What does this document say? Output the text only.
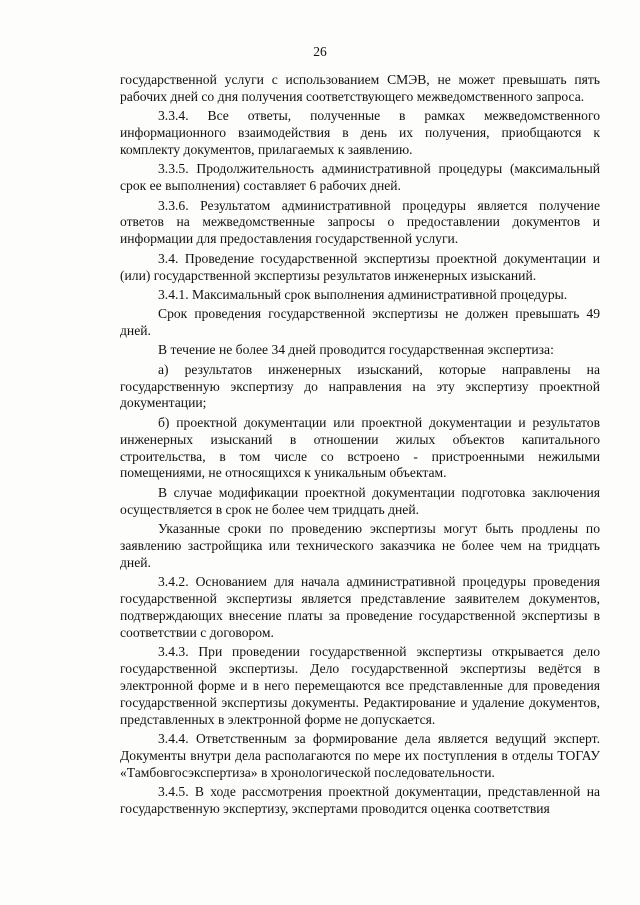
26

государственной услуги с использованием СМЭВ, не может превышать пять рабочих дней со дня получения соответствующего межведомственного запроса.

3.3.4. Все ответы, полученные в рамках межведомственного информационного взаимодействия в день их получения, приобщаются к комплекту документов, прилагаемых к заявлению.

3.3.5. Продолжительность административной процедуры (максимальный срок ее выполнения) составляет 6 рабочих дней.

3.3.6. Результатом административной процедуры является получение ответов на межведомственные запросы о предоставлении документов и информации для предоставления государственной услуги.

3.4. Проведение государственной экспертизы проектной документации и (или) государственной экспертизы результатов инженерных изысканий.

3.4.1. Максимальный срок выполнения административной процедуры.

Срок проведения государственной экспертизы не должен превышать 49 дней.

В течение не более 34 дней проводится государственная экспертиза:

а) результатов инженерных изысканий, которые направлены на государственную экспертизу до направления на эту экспертизу проектной документации;

б) проектной документации или проектной документации и результатов инженерных изысканий в отношении жилых объектов капитального строительства, в том числе со встроено - пристроенными нежилыми помещениями, не относящихся к уникальным объектам.

В случае модификации проектной документации подготовка заключения осуществляется в срок не более чем тридцать дней.

Указанные сроки по проведению экспертизы могут быть продлены по заявлению застройщика или технического заказчика не более чем на тридцать дней.

3.4.2. Основанием для начала административной процедуры проведения государственной экспертизы является представление заявителем документов, подтверждающих внесение платы за проведение государственной экспертизы в соответствии с договором.

3.4.3. При проведении государственной экспертизы открывается дело государственной экспертизы. Дело государственной экспертизы ведётся в электронной форме и в него перемещаются все представленные для проведения государственной экспертизы документы. Редактирование и удаление документов, представленных в электронной форме не допускается.

3.4.4. Ответственным за формирование дела является ведущий эксперт. Документы внутри дела располагаются по мере их поступления в отделы ТОГАУ «Тамбовгосэкспертиза» в хронологической последовательности.

3.4.5. В ходе рассмотрения проектной документации, представленной на государственную экспертизу, экспертами проводится оценка соответствия
